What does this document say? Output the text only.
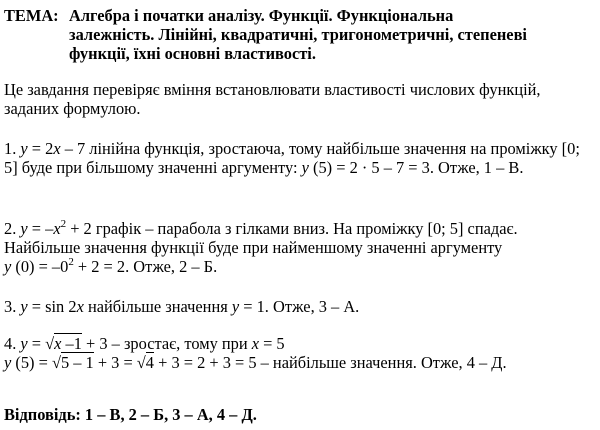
ТЕМА: Алгебра і початки аналізу. Функції. Функціональна залежність. Лінійні, квадратичні, тригонометричні, степеневі функції, їхні основні властивості.
Це завдання перевіряє вміння встановлювати властивості числових функцій, заданих формулою.
1. y = 2x – 7 лінійна функція, зростаюча, тому найбільше значення на проміжку [0; 5] буде при більшому значенні аргументу: y (5) = 2 · 5 – 7 = 3. Отже, 1 – В.
2. $y = -x^2 + 2$ графік – парабола з гілками вниз. На проміжку [0; 5] спадає. Найбільше значення функції буде при найменшому значенні аргументу
y $(0) = -0^2 + 2 = 2$. Отже, 2 – Б.
3. y = sin 2x найбільше значення y = 1. Отже, 3 – А.
4. y = √ x –1 + 3 – зростає, тому при x = 5
y (5) = √ 5 – 1 + 3 = √ 4 + 3 = 2 + 3 = 5 – найбільше значення. Отже, 4 – Д.
Відповідь: 1 – В, 2 – Б, 3 – А, 4 – Д.
